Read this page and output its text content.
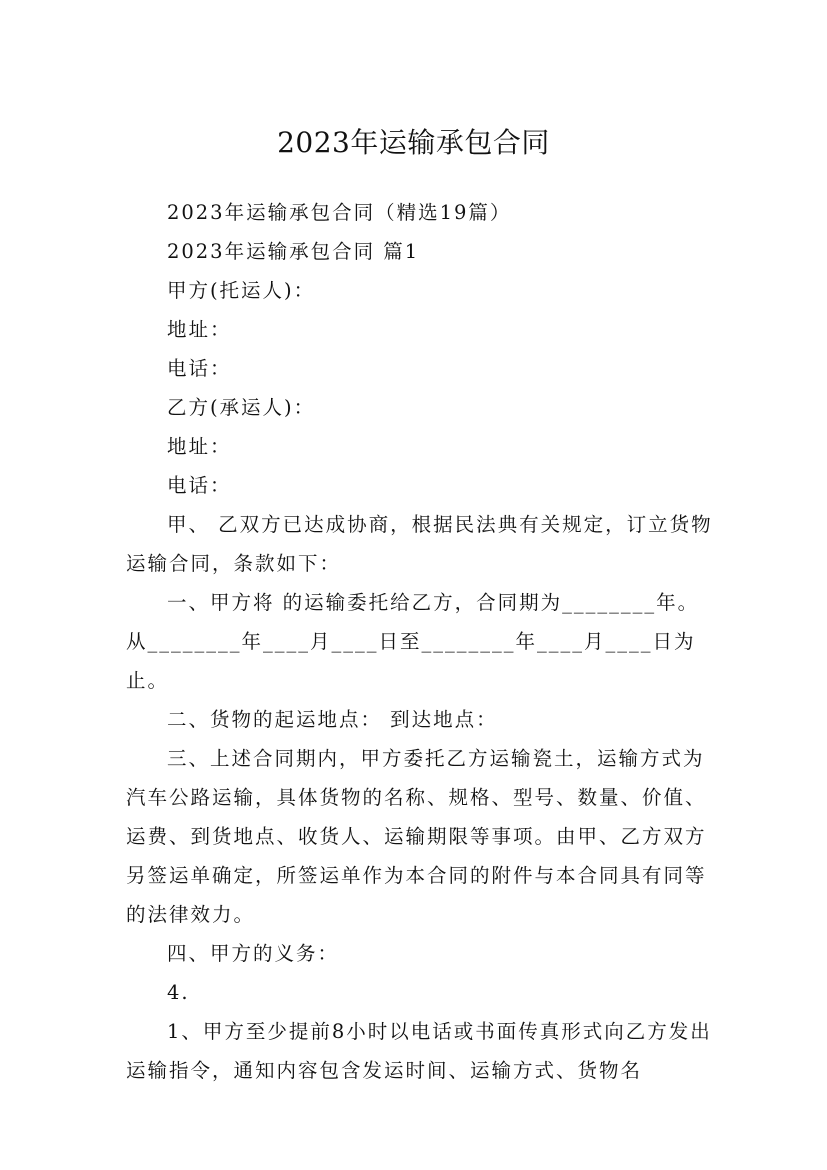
2023年运输承包合同

2023年运输承包合同（精选19篇）

2023年运输承包合同 篇1

甲方(托运人)：

地址：

电话：

乙方(承运人)：

地址：

电话：

甲、 乙双方已达成协商，根据民法典有关规定，订立货物运输合同，条款如下：

一、甲方将 的运输委托给乙方，合同期为________年。从________年____月____日至________年____月____日为止。

二、货物的起运地点： 到达地点：

三、上述合同期内，甲方委托乙方运输瓷土，运输方式为汽车公路运输，具体货物的名称、规格、型号、数量、价值、运费、到货地点、收货人、运输期限等事项。由甲、乙方双方另签运单确定，所签运单作为本合同的附件与本合同具有同等的法律效力。

四、甲方的义务：

4.

1、甲方至少提前8小时以电话或书面传真形式向乙方发出运输指令，通知内容包含发运时间、运输方式、货物名
